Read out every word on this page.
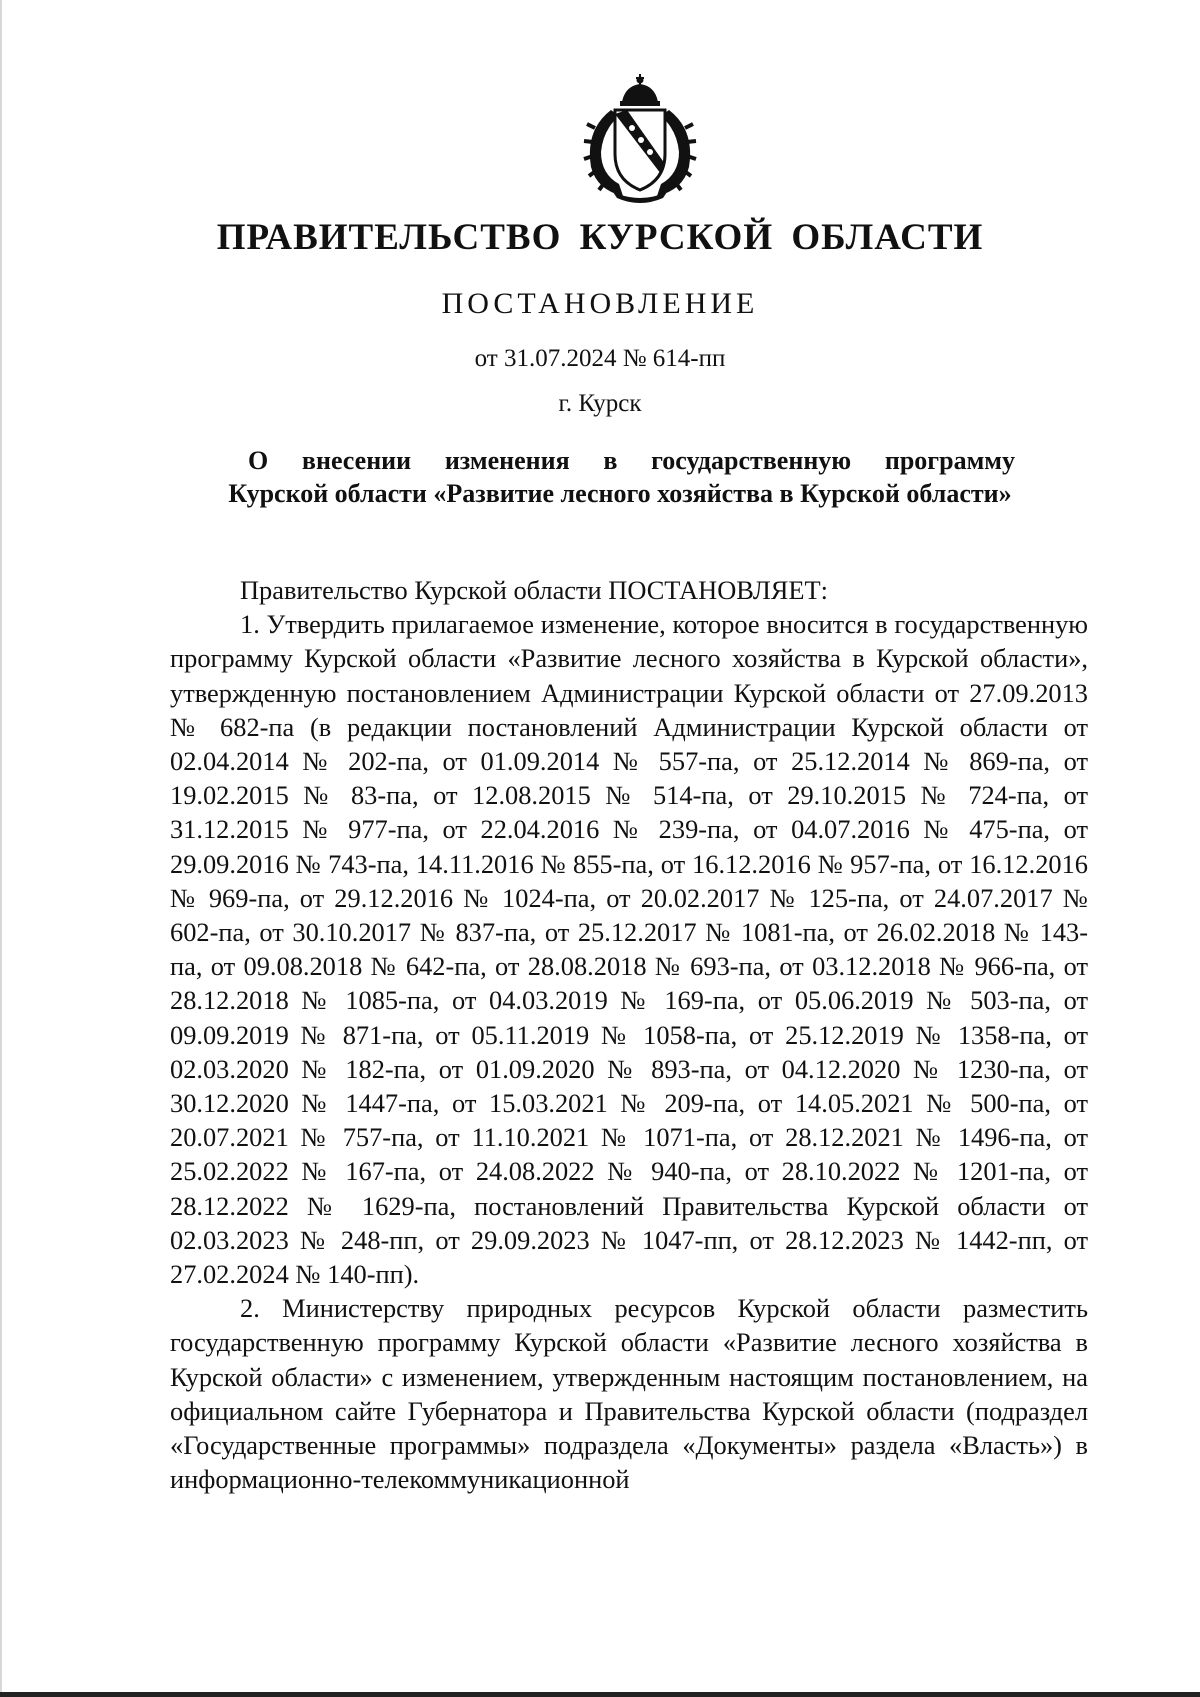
ПРАВИТЕЛЬСТВО КУРСКОЙ ОБЛАСТИ
ПОСТАНОВЛЕНИЕ
от 31.07.2024 № 614-пп
г. Курск
О внесении изменения в государственную программу
Курской области «Развитие лесного хозяйства в Курской области»

Правительство Курской области ПОСТАНОВЛЯЕТ:

1. Утвердить прилагаемое изменение, которое вносится в государственную программу Курской области «Развитие лесного хозяйства в Курской области», утвержденную постановлением Администрации Курской области от 27.09.2013 № 682-па (в редакции постановлений Администрации Курской области от 02.04.2014 № 202-па, от 01.09.2014 № 557-па, от 25.12.2014 № 869-па, от 19.02.2015 № 83-па, от 12.08.2015 № 514-па, от 29.10.2015 № 724-па, от 31.12.2015 № 977-па, от 22.04.2016 № 239-па, от 04.07.2016 № 475-па, от 29.09.2016 № 743-па, 14.11.2016 № 855-па, от 16.12.2016 № 957-па, от 16.12.2016 № 969-па, от 29.12.2016 № 1024-па, от 20.02.2017 № 125-па, от 24.07.2017 № 602-па, от 30.10.2017 № 837-па, от 25.12.2017 № 1081-па, от 26.02.2018 № 143-па, от 09.08.2018 № 642-па, от 28.08.2018 № 693-па, от 03.12.2018 № 966-па, от 28.12.2018 № 1085-па, от 04.03.2019 № 169-па, от 05.06.2019 № 503-па, от 09.09.2019 № 871-па, от 05.11.2019 № 1058-па, от 25.12.2019 № 1358-па, от 02.03.2020 № 182-па, от 01.09.2020 № 893-па, от 04.12.2020 № 1230-па, от 30.12.2020 № 1447-па, от 15.03.2021 № 209-па, от 14.05.2021 № 500-па, от 20.07.2021 № 757-па, от 11.10.2021 № 1071-па, от 28.12.2021 № 1496-па, от 25.02.2022 № 167-па, от 24.08.2022 № 940-па, от 28.10.2022 № 1201-па, от 28.12.2022 № 1629-па, постановлений Правительства Курской области от 02.03.2023 № 248-пп, от 29.09.2023 № 1047-пп, от 28.12.2023 № 1442-пп, от 27.02.2024 № 140-пп).

2. Министерству природных ресурсов Курской области разместить государственную программу Курской области «Развитие лесного хозяйства в Курской области» с изменением, утвержденным настоящим постановлением, на официальном сайте Губернатора и Правительства Курской области (подраздел «Государственные программы» подраздела «Документы» раздела «Власть») в информационно-телекоммуникационной
